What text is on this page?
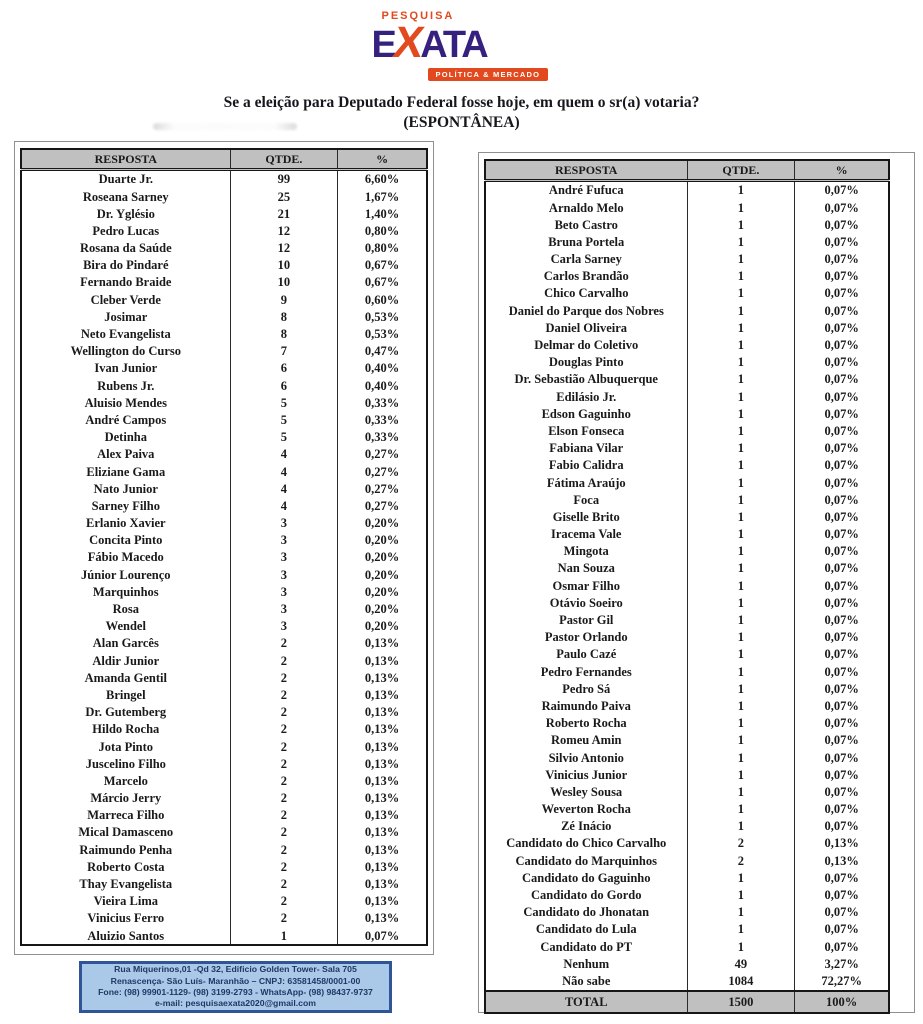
PESQUISA
E
X
ATA
POLÍTICA & MERCADO
Se a eleição para Deputado Federal fosse hoje, em quem o sr(a) votaria?
(ESPONTÂNEA)
RESPOSTA	QTDE.	%
Duarte Jr.	99	6,60%
Roseana Sarney	25	1,67%
Dr. Yglésio	21	1,40%
Pedro Lucas	12	0,80%
Rosana da Saúde	12	0,80%
Bira do Pindaré	10	0,67%
Fernando Braide	10	0,67%
Cleber Verde	9	0,60%
Josimar	8	0,53%
Neto Evangelista	8	0,53%
Wellington do Curso	7	0,47%
Ivan Junior	6	0,40%
Rubens Jr.	6	0,40%
Aluisio Mendes	5	0,33%
André Campos	5	0,33%
Detinha	5	0,33%
Alex Paiva	4	0,27%
Eliziane Gama	4	0,27%
Nato Junior	4	0,27%
Sarney Filho	4	0,27%
Erlanio Xavier	3	0,20%
Concita Pinto	3	0,20%
Fábio Macedo	3	0,20%
Júnior Lourenço	3	0,20%
Marquinhos	3	0,20%
Rosa	3	0,20%
Wendel	3	0,20%
Alan Garcês	2	0,13%
Aldir Junior	2	0,13%
Amanda Gentil	2	0,13%
Bringel	2	0,13%
Dr. Gutemberg	2	0,13%
Hildo Rocha	2	0,13%
Jota Pinto	2	0,13%
Juscelino Filho	2	0,13%
Marcelo	2	0,13%
Márcio Jerry	2	0,13%
Marreca Filho	2	0,13%
Mical Damasceno	2	0,13%
Raimundo Penha	2	0,13%
Roberto Costa	2	0,13%
Thay Evangelista	2	0,13%
Vieira Lima	2	0,13%
Vinicius Ferro	2	0,13%
Aluizio Santos	1	0,07%
RESPOSTA	QTDE.	%
André Fufuca	1	0,07%
Arnaldo Melo	1	0,07%
Beto Castro	1	0,07%
Bruna Portela	1	0,07%
Carla Sarney	1	0,07%
Carlos Brandão	1	0,07%
Chico Carvalho	1	0,07%
Daniel do Parque dos Nobres	1	0,07%
Daniel Oliveira	1	0,07%
Delmar do Coletivo	1	0,07%
Douglas Pinto	1	0,07%
Dr. Sebastião Albuquerque	1	0,07%
Edilásio Jr.	1	0,07%
Edson Gaguinho	1	0,07%
Elson Fonseca	1	0,07%
Fabiana Vilar	1	0,07%
Fabio Calidra	1	0,07%
Fátima Araújo	1	0,07%
Foca	1	0,07%
Giselle Brito	1	0,07%
Iracema Vale	1	0,07%
Mingota	1	0,07%
Nan Souza	1	0,07%
Osmar Filho	1	0,07%
Otávio Soeiro	1	0,07%
Pastor Gil	1	0,07%
Pastor Orlando	1	0,07%
Paulo Cazé	1	0,07%
Pedro Fernandes	1	0,07%
Pedro Sá	1	0,07%
Raimundo Paiva	1	0,07%
Roberto Rocha	1	0,07%
Romeu Amin	1	0,07%
Silvio Antonio	1	0,07%
Vinicius Junior	1	0,07%
Wesley Sousa	1	0,07%
Weverton Rocha	1	0,07%
Zé Inácio	1	0,07%
Candidato do Chico Carvalho	2	0,13%
Candidato do Marquinhos	2	0,13%
Candidato do Gaguinho	1	0,07%
Candidato do Gordo	1	0,07%
Candidato do Jhonatan	1	0,07%
Candidato do Lula	1	0,07%
Candidato do PT	1	0,07%
Nenhum	49	3,27%
Não sabe	1084	72,27%
TOTAL	1500	100%
Rua Miquerinos,01 -Qd 32, Edificio Golden Tower- Sala 705
Renascença- São Luís- Maranhão – CNPJ: 63581458/0001-00
Fone: (98) 99901-1129- (98) 3199-2793 - WhatsApp- (98) 98437-9737
e-mail: pesquisaexata2020@gmail.com
